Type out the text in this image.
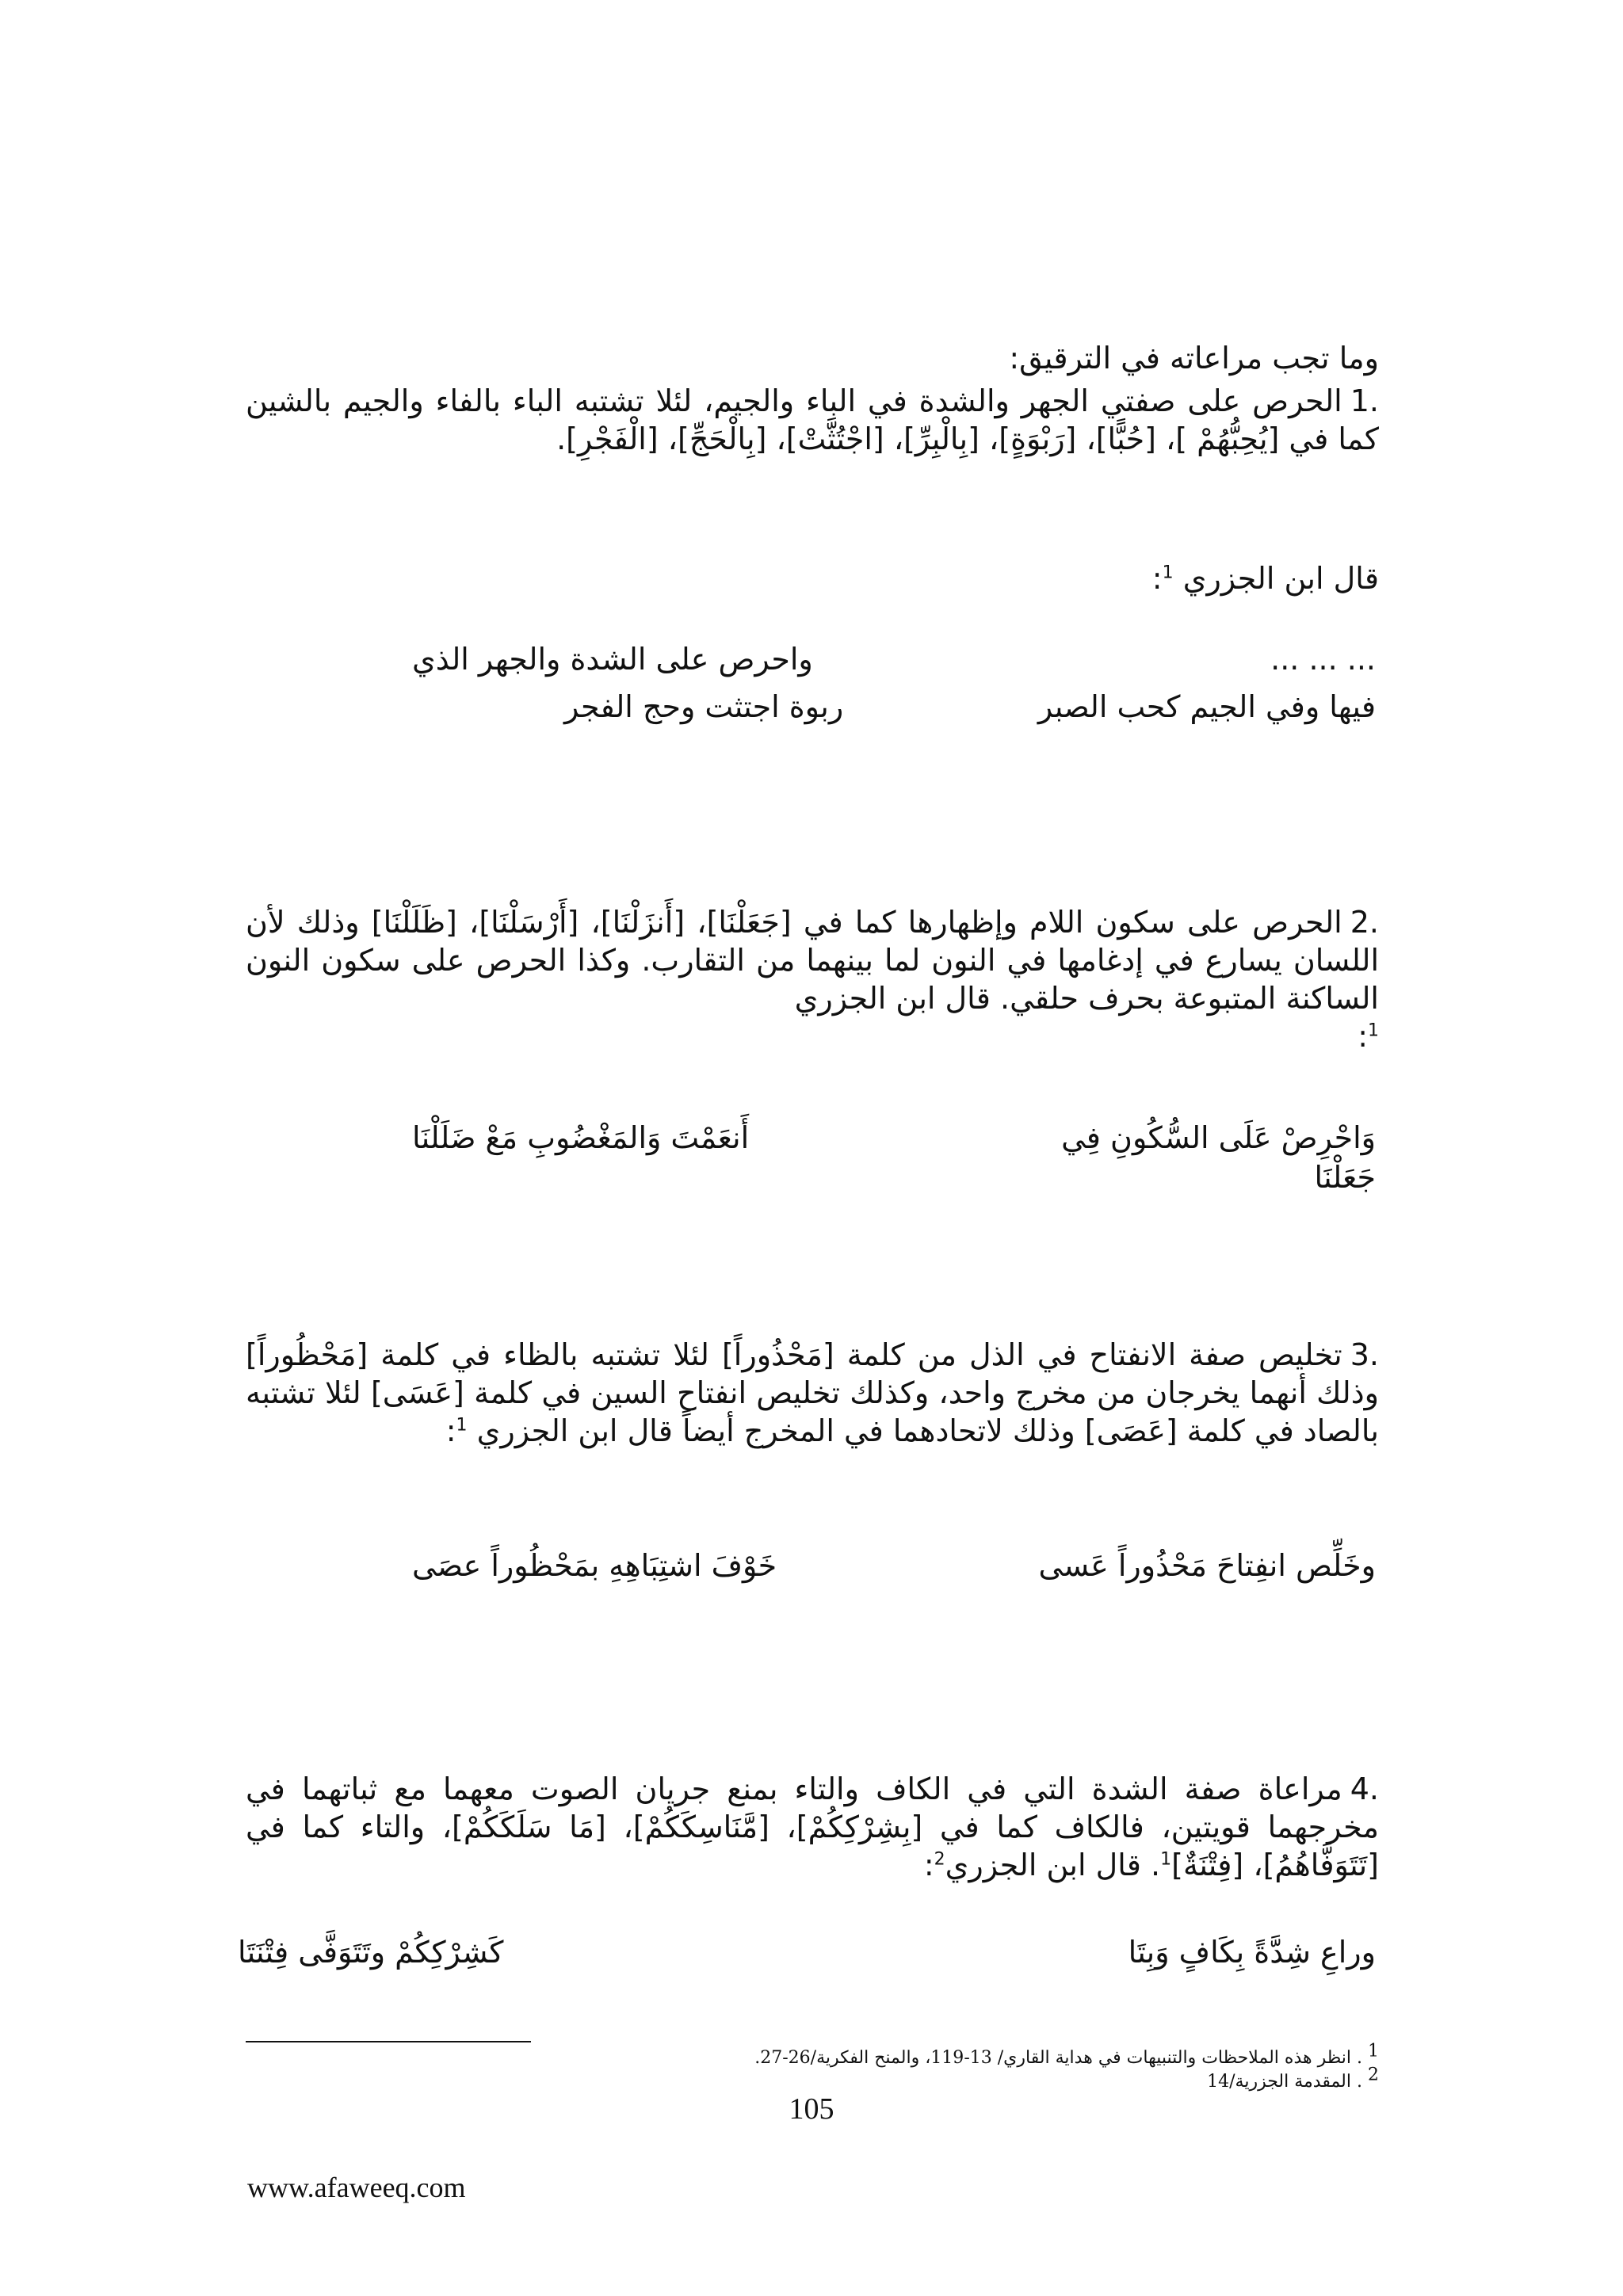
وما تجب مراعاته في الترقيق:
.1الحرص على صفتي الجهر والشدة في الباء والجيم، لئلا تشتبه الباء بالفاء والجيم بالشين كما في [يُحِبُّهُمْ ]، [حُبًّا]، [رَبْوَةٍ]، [بِالْبِرِّ]، [اجْتُثَّتْ]، [بِالْحَجِّ]، [الْفَجْرِ].
قال ابن الجزري $^1$:
... ... ...
واحرص على الشدة والجهر الذي
فيها وفي الجيم كحب الصبر
ربوة اجتثت وحج الفجر
.2الحرص على سكون اللام وإظهارها كما في [جَعَلْنَا]، [أَنزَلْنَا]، [أَرْسَلْنَا]، [ظَلَلْنَا] وذلك لأن اللسان يسارع في إدغامها في النون لما بينهما من التقارب. وكذا الحرص على سكون النون الساكنة المتبوعة بحرف حلقي. قال ابن الجزري
$^1$:
وَاحْرِصْ عَلَى السُّكُونِ فِي
أَنعَمْتَ وَالمَغْضُوبِ مَعْ ضَلَلْنَا
جَعَلْنَا
.3تخليص صفة الانفتاح في الذل من كلمة [مَحْذُوراً] لئلا تشتبه بالظاء في كلمة [مَحْظُوراً] وذلك أنهما يخرجان من مخرج واحد، وكذلك تخليص انفتاح السين في كلمة [عَسَى] لئلا تشتبه بالصاد في كلمة [عَصَى] وذلك لاتحادهما في المخرج أيضاً قال ابن الجزري $^1$:
وخَلِّص انفِتاحَ مَحْذُوراً عَسى
خَوْفَ اشتِبَاهِهِ بمَحْظُوراً عصَى
.4مراعاة صفة الشدة التي في الكاف والتاء بمنع جريان الصوت معهما مع ثباتهما في مخرجهما قويتين، فالكاف كما في [بِشِرْكِكُمْ]، [مَّنَاسِكَكُمْ]، [مَا سَلَكَكُمْ]، والتاء كما في [تَتَوَفَّاهُمُ]، [فِتْنَةٌ]$^1$. قال ابن الجزري$^2$:
وراعِ شِدَّةً بِكَافٍ وَبِتَا
كَشِرْكِكُمْ وتَتَوَفَّى فِتْنَتَا
$^1$ . انظر هذه الملاحظات والتنبيهات في هداية القاري/ 13-119، والمنح الفكرية/26-27.
$^2$ . المقدمة الجزرية/14
105
www.afaweeq.com
